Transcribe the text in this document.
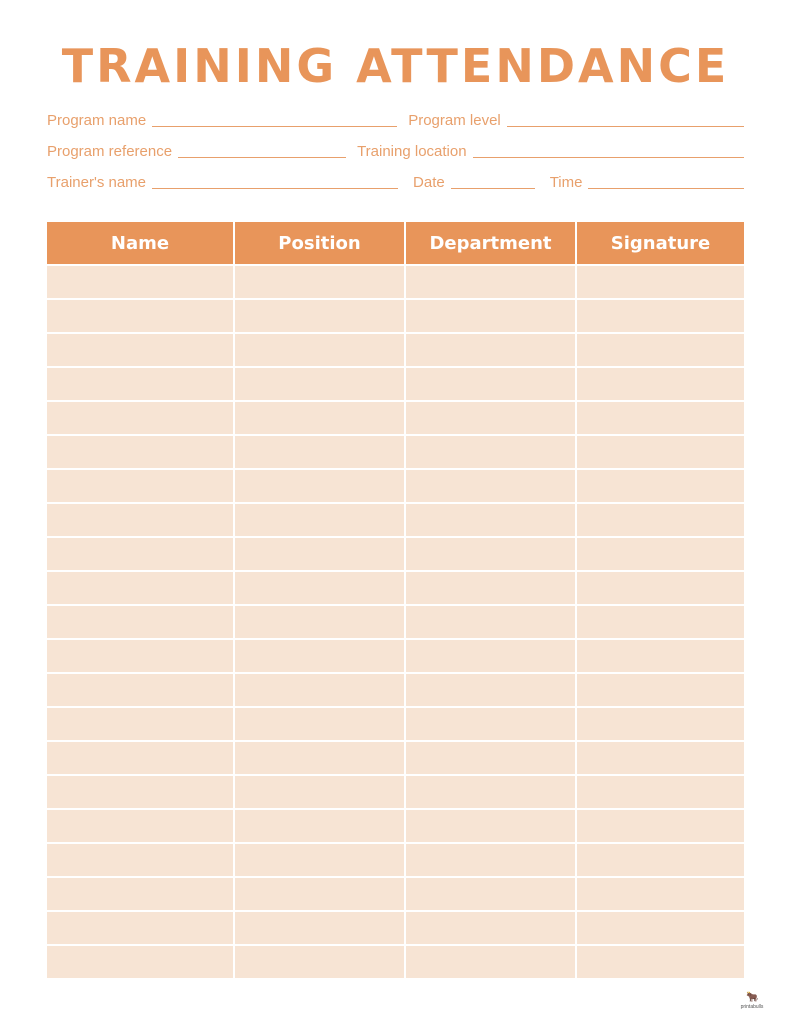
TRAINING ATTENDANCE
Program name	Program level
Program reference	Training location
Trainer's name	Date	Time
Name	Position	Department	Signature
🐂
printabulls
